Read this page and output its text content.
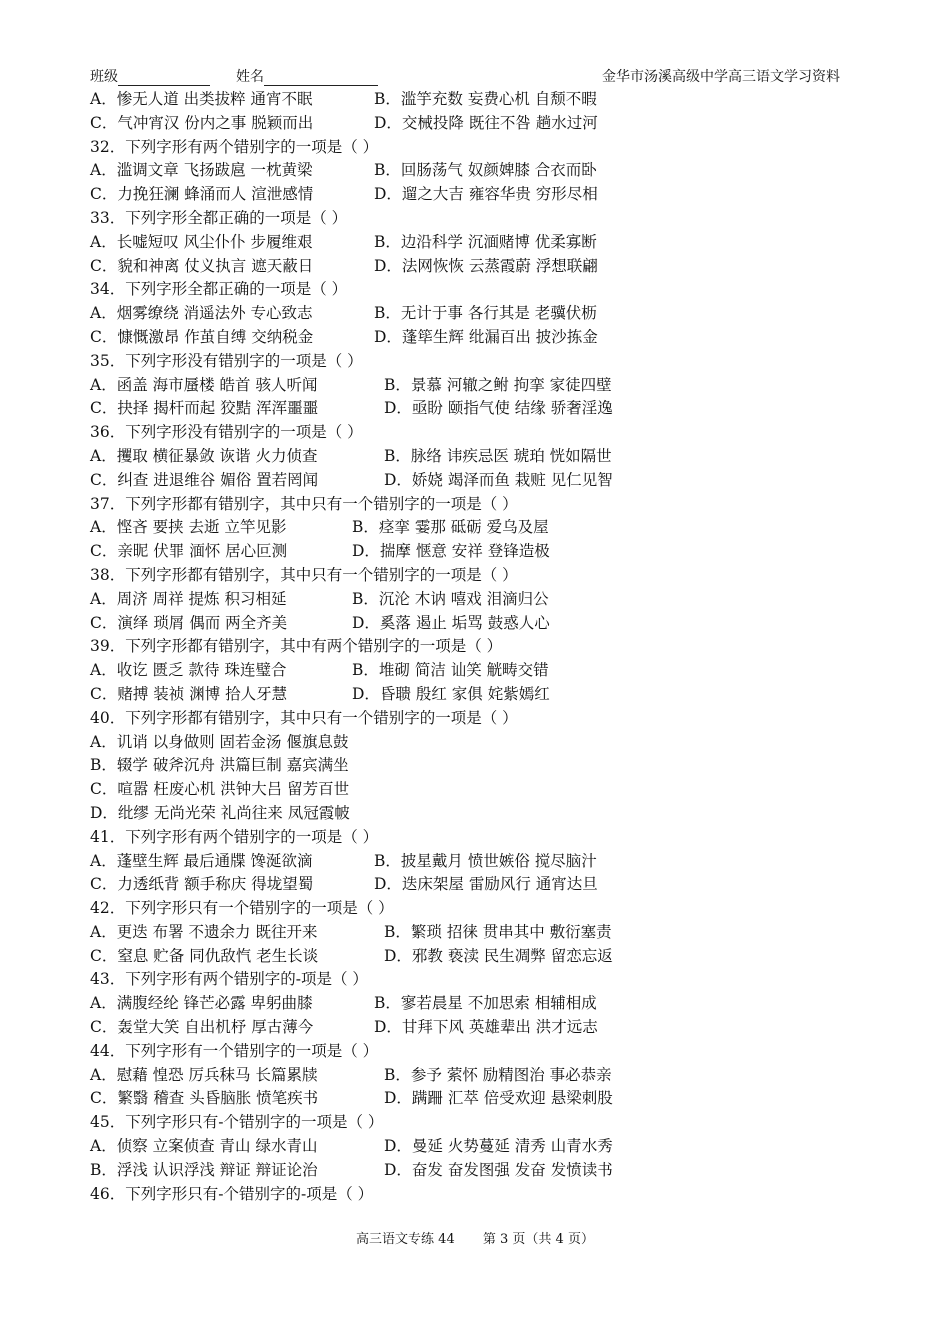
班级	姓名	金华市汤溪高级中学高三语文学习资料
A．惨无人道 出类拔粹 通宵不眠	B．滥竽充数 妄费心机 自颓不暇
C．气冲宵汉 份内之事 脱颖而出	D．交械投降 既往不咎 趟水过河
32．下列字形有两个错别字的一项是（ ）
A．滥调文章 飞扬跋扈 一枕黄梁	B．回肠荡气 奴颜婢膝 合衣而卧
C．力挽狂澜 蜂涌而人 渲泄感情	D．遛之大吉 雍容华贵 穷形尽相
33．下列字形全都正确的一项是（ ）
A．长嘘短叹 风尘仆仆 步履维艰	B．边沿科学 沉湎赌博 优柔寡断
C．貌和神离 仗义执言 遮天蔽日	D．法网恢恢 云蒸霞蔚 浮想联翩
34．下列字形全都正确的一项是（ ）
A．烟雾缭绕 消遥法外 专心致志	B．无计于事 各行其是 老骥伏枥
C．慷慨激昂 作茧自缚 交纳税金	D．蓬筚生辉 纰漏百出 披沙拣金
35．下列字形没有错别字的一项是（ ）
A．函盖 海市蜃楼 皓首 骇人听闻	B．景慕 河辙之鲋 拘挛 家徒四壁
C．抉择 揭杆而起 狡黠 浑浑噩噩	D．亟盼 颐指气使 结缘 骄奢淫逸
36．下列字形没有错别字的一项是（ ）
A．攫取 横征暴敛 诙谐 火力侦查	B．脉络 讳疾忌医 琥珀 恍如隔世
C．纠查 进退维谷 媚俗 置若罔闻	D．娇娆 竭泽而鱼 栽赃 见仁见智
37．下列字形都有错别字，其中只有一个错别字的一项是（ ）
A．悭吝 要挟 去逝 立竿见影	B．痉挛 霎那 砥砺 爱乌及屋
C．亲昵 伏罪 湎怀 居心叵测	D．揣摩 惬意 安祥 登锋造极
38．下列字形都有错别字，其中只有一个错别字的一项是（ ）
A．周济 周祥 提炼 积习相延	B．沉沦 木讷 嘻戏 泪滴归公
C．演绎 琐屑 偶而 两全齐美	D．奚落 遏止 垢骂 鼓惑人心
39．下列字形都有错别字，其中有两个错别字的一项是（ ）
A．收讫 匮乏 款待 珠连璧合	B．堆砌 简洁 讪笑 觥畴交错
C．赌搏 装祯 渊博 拾人牙慧	D．昏聩 殷红 家俱 姹紫嫣红
40．下列字形都有错别字，其中只有一个错别字的一项是（ ）
A．讥诮 以身做则 固若金汤 偃旗息鼓
B．辍学 破斧沉舟 洪篇巨制 嘉宾满坐
C．喧嚣 枉废心机 洪钟大吕 留芳百世
D．纰缪 无尚光荣 礼尚往来 凤冠霞帔
41．下列字形有两个错别字的一项是（ ）
A．蓬壁生辉 最后通牒 馋涎欲滴	B．披星戴月 愤世嫉俗 搅尽脑汁
C．力透纸背 额手称庆 得垅望蜀	D．迭床架屋 雷励风行 通宵达旦
42．下列字形只有一个错别字的一项是（ ）
A．更迭 布署 不遗余力 既往开来	B．繁琐 招徕 贯串其中 敷衍塞责
C．窒息 贮备 同仇敌忾 老生长谈	D．邪教 亵渎 民生凋弊 留恋忘返
43．下列字形有两个错别字的-项是（ ）
A．满腹经纶 锋芒必露 卑躬曲膝	B．寥若晨星 不加思索 相辅相成
C．轰堂大笑 自出机杼 厚古薄今	D．甘拜下风 英雄辈出 洪才远志
44．下列字形有一个错别字的一项是（ ）
A．慰藉 惶恐 厉兵秣马 长篇累牍	B．参予 萦怀 励精图治 事必恭亲
C．繁翳 稽查 头昏脑胀 愤笔疾书	D．蹒跚 汇萃 倍受欢迎 悬梁刺股
45．下列字形只有-个错别字的一项是（ ）
A．侦察 立案侦查 青山 绿水青山	D．曼延 火势蔓延 清秀 山青水秀
B．浮浅 认识浮浅 辩证 辩证论治	D．奋发 奋发图强 发奋 发愤读书
46．下列字形只有-个错别字的-项是（ ）
高三语文专练 44 第 3 页（共 4 页）
